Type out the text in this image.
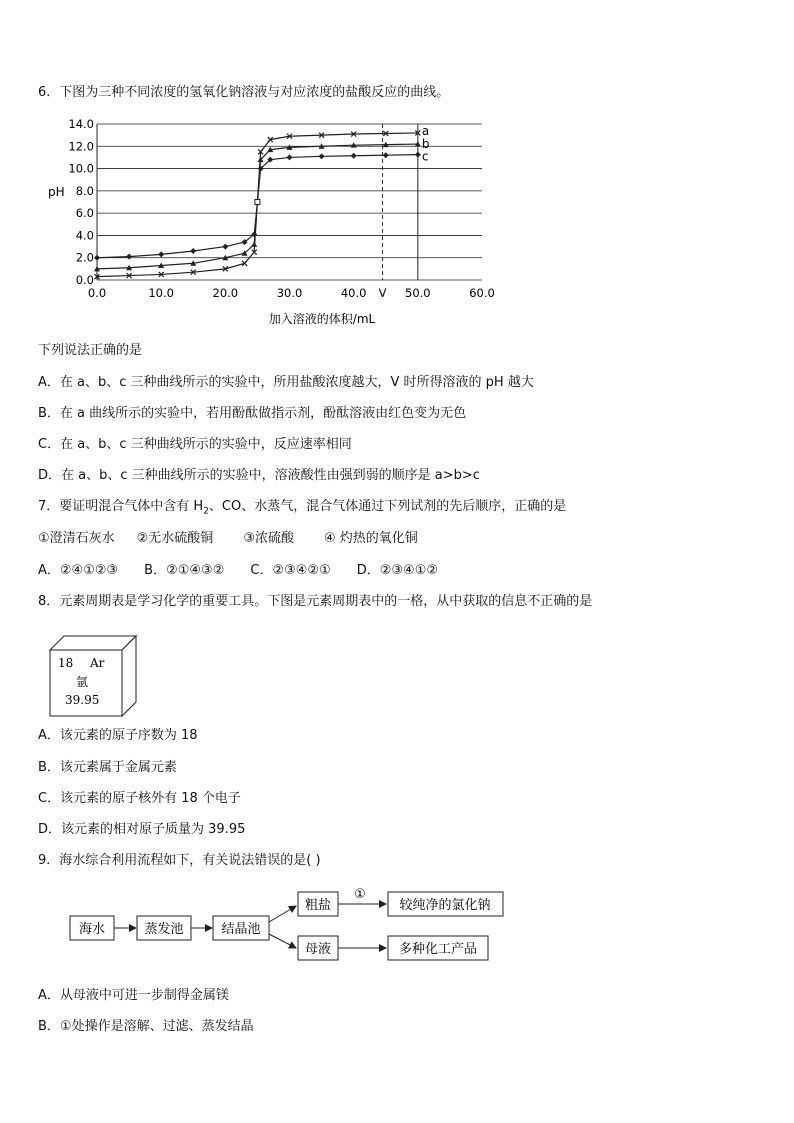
6．下图为三种不同浓度的氢氧化钠溶液与对应浓度的盐酸反应的曲线。
pH
加入溶液的体积/mL
0.0
2.0
4.0
6.0
8.0
10.0
12.0
14.0
0.0	10.0	20.0	30.0	40.0 V 50.0	60.0
a
b
c
下列说法正确的是
A．在 a、b、c 三种曲线所示的实验中，所用盐酸浓度越大，V 时所得溶液的 pH 越大
B．在 a 曲线所示的实验中，若用酚酞做指示剂，酚酞溶液由红色变为无色
C．在 a、b、c 三种曲线所示的实验中，反应速率相同
D．在 a、b、c 三种曲线所示的实验中，溶液酸性由强到弱的顺序是 a>b>c
7．要证明混合气体中含有 $H_2$、CO、水蒸气，混合气体通过下列试剂的先后顺序，正确的是
①澄清石灰水 ②无水硫酸铜 ③浓硫酸 ④ 灼热的氧化铜
A．②④①②③ B．②①④③② C．②③④②① D．②③④①②
8．元素周期表是学习化学的重要工具。下图是元素周期表中的一格，从中获取的信息不正确的是
18 Ar
氩
39.95
A．该元素的原子序数为 18
B．该元素属于金属元素
C．该元素的原子核外有 18 个电子
D．该元素的相对原子质量为 39.95
9．海水综合利用流程如下，有关说法错误的是( )
海水	蒸发池	结晶池
粗盐
母液
①
较纯净的氯化钠
多种化工产品
A．从母液中可进一步制得金属镁
B．①处操作是溶解、过滤、蒸发结晶
